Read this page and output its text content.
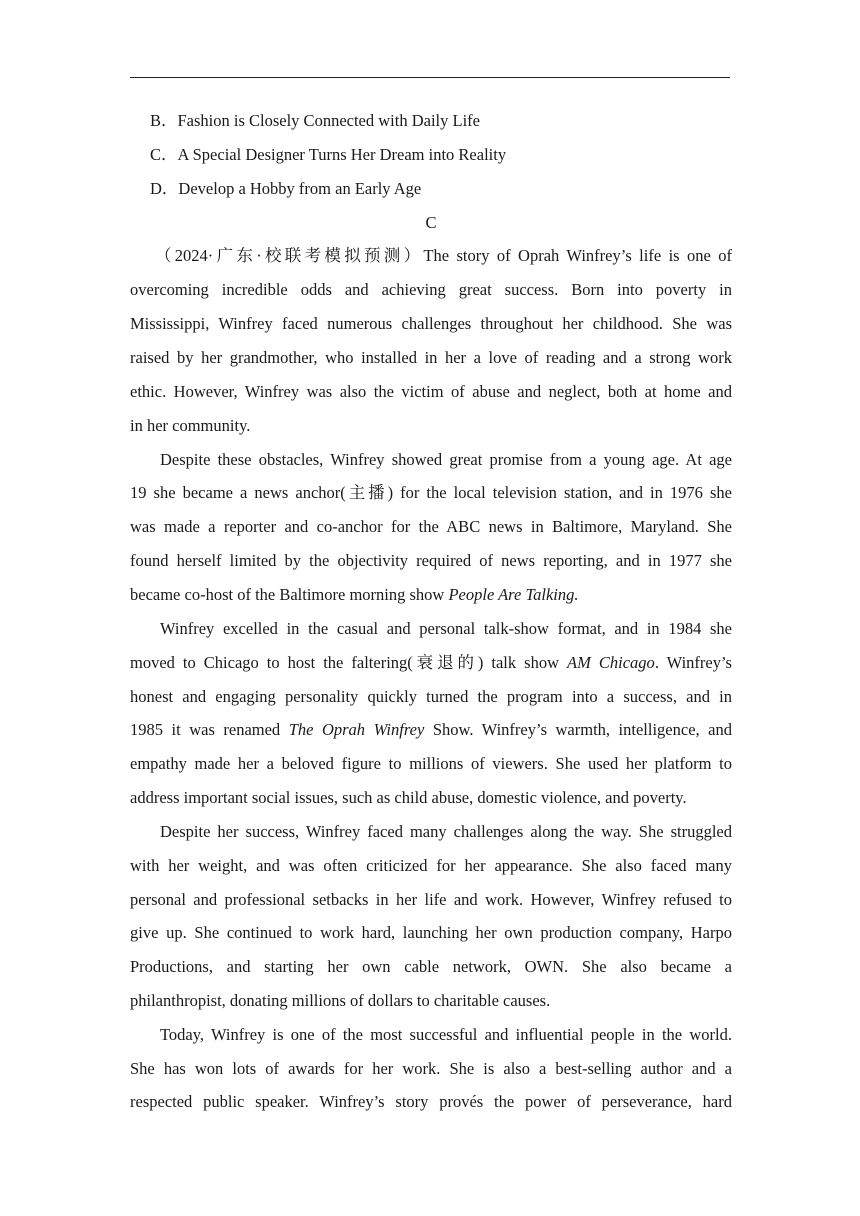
B．Fashion is Closely Connected with Daily Life
C．A Special Designer Turns Her Dream into Reality
D．Develop a Hobby from an Early Age
C
（2024·广东·校联考模拟预测）The story of Oprah Winfrey’s life is one of
overcoming incredible odds and achieving great success. Born into poverty in
Mississippi, Winfrey faced numerous challenges throughout her childhood. She was
raised by her grandmother, who installed in her a love of reading and a strong work
ethic. However, Winfrey was also the victim of abuse and neglect, both at home and
in her community.
Despite these obstacles, Winfrey showed great promise from a young age. At age
19 she became a news anchor(主播) for the local television station, and in 1976 she
was made a reporter and co-anchor for the ABC news in Baltimore, Maryland. She
found herself limited by the objectivity required of news reporting, and in 1977 she
became co-host of the Baltimore morning show People Are Talking.
Winfrey excelled in the casual and personal talk-show format, and in 1984 she
moved to Chicago to host the faltering(衰退的) talk show AM Chicago. Winfrey’s
honest and engaging personality quickly turned the program into a success, and in
1985 it was renamed The Oprah Winfrey Show. Winfrey’s warmth, intelligence, and
empathy made her a beloved figure to millions of viewers. She used her platform to
address important social issues, such as child abuse, domestic violence, and poverty.
Despite her success, Winfrey faced many challenges along the way. She struggled
with her weight, and was often criticized for her appearance. She also faced many
personal and professional setbacks in her life and work. However, Winfrey refused to
give up. She continued to work hard, launching her own production company, Harpo
Productions, and starting her own cable network, OWN. She also became a
philanthropist, donating millions of dollars to charitable causes.
Today, Winfrey is one of the most successful and influential people in the world.
She has won lots of awards for her work. She is also a best-selling author and a
respected public speaker. Winfrey’s story provés the power of perseverance, hard
